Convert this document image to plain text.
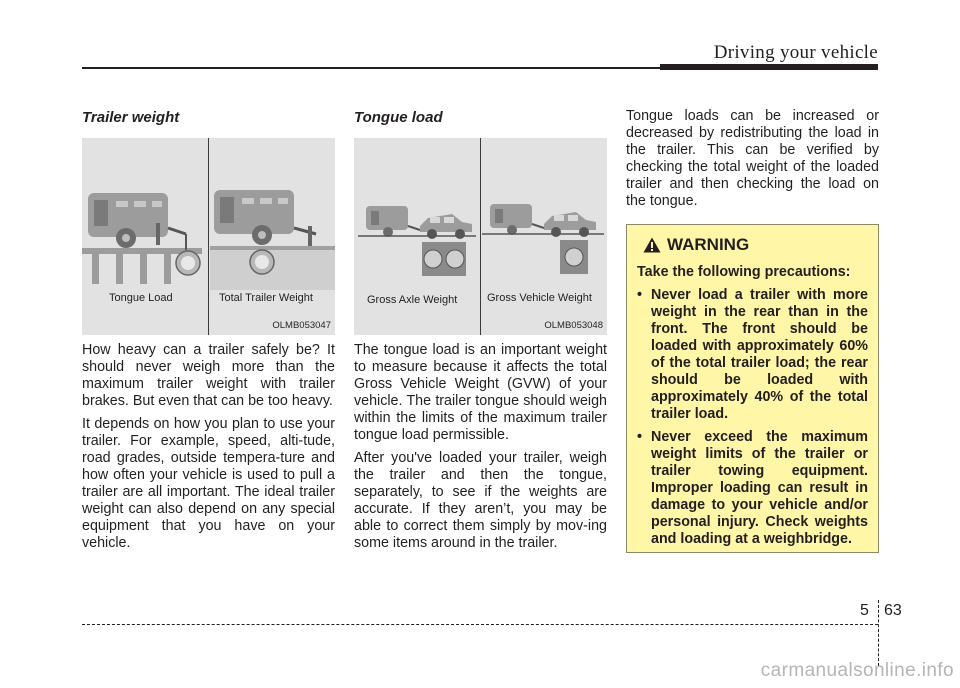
Driving your vehicle
Trailer weight
Tongue Load	Total Trailer Weight
OLMB053047

How heavy can a trailer safely be? It should never weigh more than the maximum trailer weight with trailer brakes. But even that can be too heavy.

It depends on how you plan to use your trailer. For example, speed, alti-tude, road grades, outside tempera-ture and how often your vehicle is used to pull a trailer are all important. The ideal trailer weight can also depend on any special equipment that you have on your vehicle.

Tongue load
Gross Axle Weight	Gross Vehicle Weight
OLMB053048

The tongue load is an important weight to measure because it affects the total Gross Vehicle Weight (GVW) of your vehicle. The trailer tongue should weigh within the limits of the maximum trailer tongue load permissible.

After you've loaded your trailer, weigh the trailer and then the tongue, separately, to see if the weights are accurate. If they aren’t, you may be able to correct them simply by mov-ing some items around in the trailer.

Tongue loads can be increased or decreased by redistributing the load in the trailer. This can be verified by checking the total weight of the loaded trailer and then checking the load on the tongue.

WARNING
Take the following precautions:
• Never load a trailer with more weight in the rear than in the front. The front should be loaded with approximately 60% of the total trailer load; the rear should be loaded with approximately 40% of the total trailer load.
• Never exceed the maximum weight limits of the trailer or trailer towing equipment. Improper loading can result in damage to your vehicle and/or personal injury. Check weights and loading at a weighbridge.
5 63
carmanualsonline.info
